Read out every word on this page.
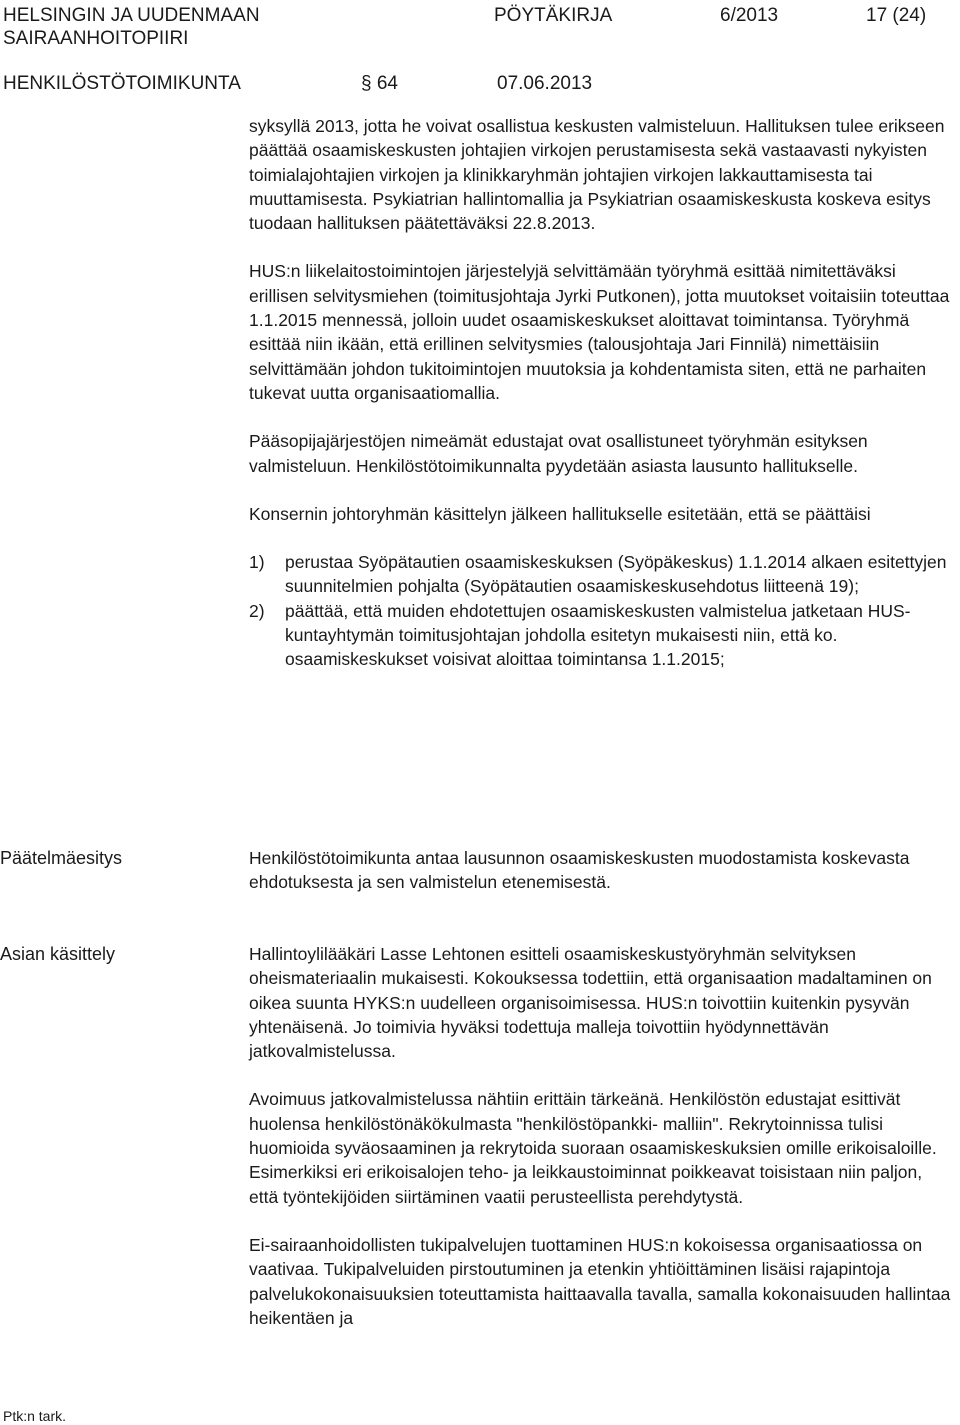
HELSINGIN JA UUDENMAAN
SAIRAANHOITOPIIRI
PÖYTÄKIRJA	6/2013	17 (24)
HENKILÖSTÖTOIMIKUNTA	§ 64	07.06.2013

syksyllä 2013, jotta he voivat osallistua keskusten valmisteluun. Hallituksen tulee erikseen päättää osaamiskeskusten johtajien virkojen perustamisesta sekä vastaavasti nykyisten toimialajohtajien virkojen ja klinikkaryhmän johtajien virkojen lakkauttamisesta tai muuttamisesta. Psykiatrian hallintomallia ja Psykiatrian osaamiskeskusta koskeva esitys tuodaan hallituksen päätettäväksi 22.8.2013.

HUS:n liikelaitostoimintojen järjestelyjä selvittämään työryhmä esittää nimitettäväksi erillisen selvitysmiehen (toimitusjohtaja Jyrki Putkonen), jotta muutokset voitaisiin toteuttaa 1.1.2015 mennessä, jolloin uudet osaamiskeskukset aloittavat toimintansa. Työryhmä esittää niin ikään, että erillinen selvitysmies (talousjohtaja Jari Finnilä) nimettäisiin selvittämään johdon tukitoimintojen muutoksia ja kohdentamista siten, että ne parhaiten tukevat uutta organisaatiomallia.

Pääsopijajärjestöjen nimeämät edustajat ovat osallistuneet työryhmän esityksen valmisteluun. Henkilöstötoimikunnalta pyydetään asiasta lausunto hallitukselle.

Konsernin johtoryhmän käsittelyn jälkeen hallitukselle esitetään, että se päättäisi

1)	perustaa Syöpätautien osaamiskeskuksen (Syöpäkeskus) 1.1.2014 alkaen esitettyjen suunnitelmien pohjalta (Syöpätautien osaamiskeskusehdotus liitteenä 19);
2)	päättää, että muiden ehdotettujen osaamiskeskusten valmistelua jatketaan HUS-kuntayhtymän toimitusjohtajan johdolla esitetyn mukaisesti niin, että ko. osaamiskeskukset voisivat aloittaa toimintansa 1.1.2015;
Päätelmäesitys	Henkilöstötoimikunta antaa lausunnon osaamiskeskusten muodostamista koskevasta ehdotuksesta ja sen valmistelun etenemisestä.

Asian käsittely	Hallintoylilääkäri Lasse Lehtonen esitteli osaamiskeskustyöryhmän selvityksen oheismateriaalin mukaisesti. Kokouksessa todettiin, että organisaation madaltaminen on oikea suunta HYKS:n uudelleen organisoimisessa. HUS:n toivottiin kuitenkin pysyvän yhtenäisenä. Jo toimivia hyväksi todettuja malleja toivottiin hyödynnettävän jatkovalmistelussa.

Avoimuus jatkovalmistelussa nähtiin erittäin tärkeänä. Henkilöstön edustajat esittivät huolensa henkilöstönäkökulmasta "henkilöstöpankki- malliin". Rekrytoinnissa tulisi huomioida syväosaaminen ja rekrytoida suoraan osaamiskeskuksien omille erikoisaloille. Esimerkiksi eri erikoisalojen teho- ja leikkaustoiminnat poikkeavat toisistaan niin paljon, että työntekijöiden siirtäminen vaatii perusteellista perehdytystä.

Ei-sairaanhoidollisten tukipalvelujen tuottaminen HUS:n kokoisessa organisaatiossa on vaativaa. Tukipalveluiden pirstoutuminen ja etenkin yhtiöittäminen lisäisi rajapintoja palvelukokonaisuuksien toteuttamista haittaavalla tavalla, samalla kokonaisuuden hallintaa heikentäen ja

Ptk:n tark.
